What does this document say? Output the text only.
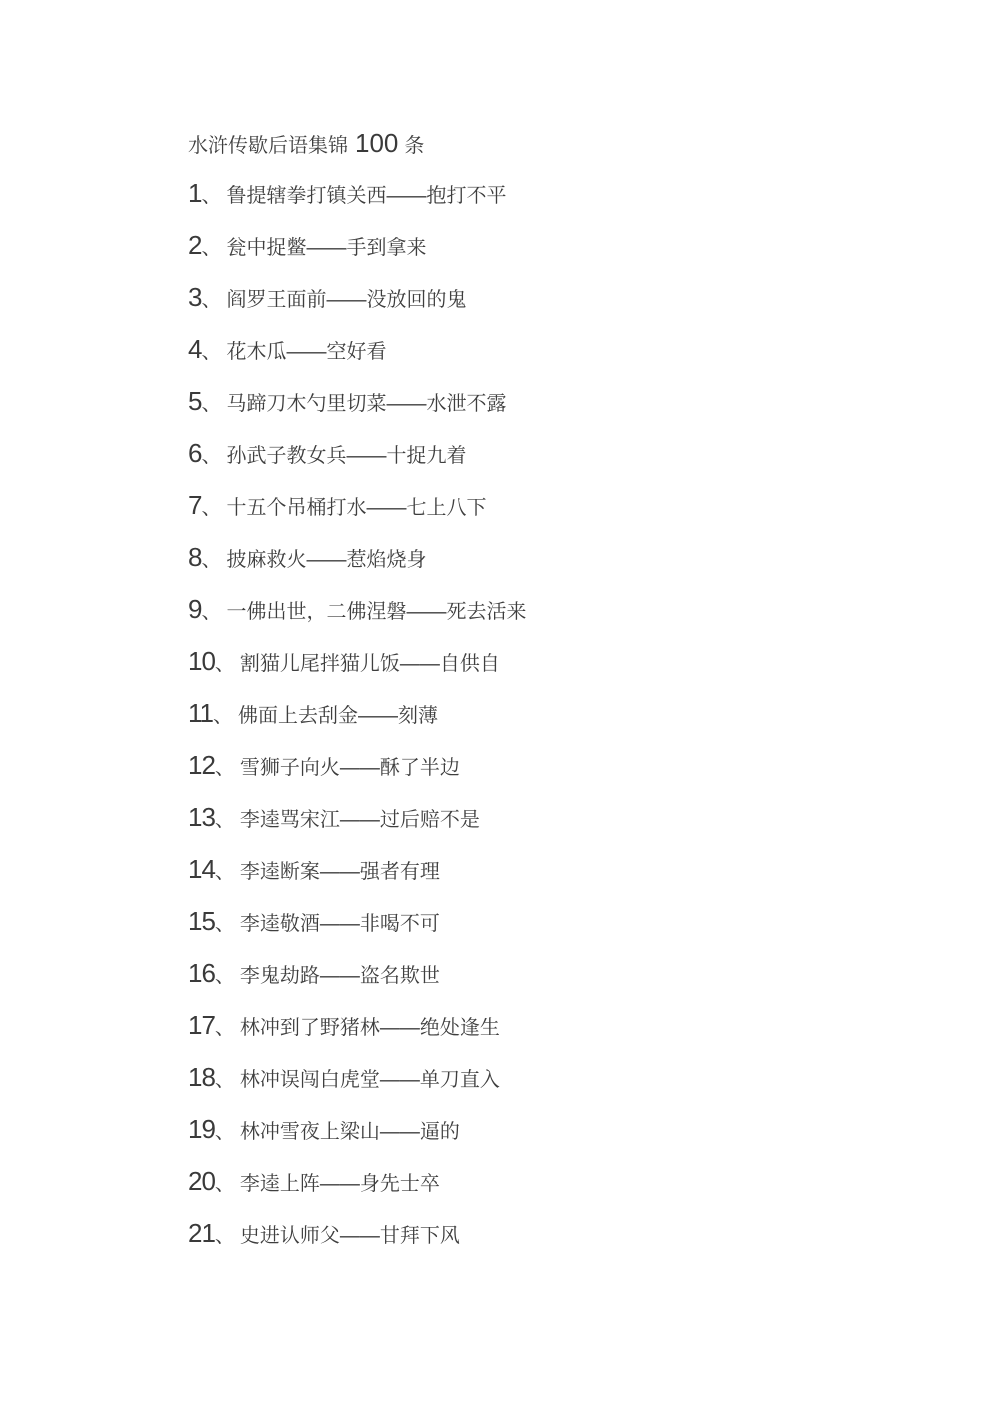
水浒传歇后语集锦 100 条
1、 鲁提辖拳打镇关西——抱打不平
2、 瓮中捉鳖——手到拿来
3、 阎罗王面前——没放回的鬼
4、 花木瓜——空好看
5、 马蹄刀木勺里切菜——水泄不露
6、 孙武子教女兵——十捉九着
7、 十五个吊桶打水——七上八下
8、 披麻救火——惹焰烧身
9、 一佛出世，二佛涅磐——死去活来
10、 割猫儿尾拌猫儿饭——自供自
11、 佛面上去刮金——刻薄
12、 雪狮子向火——酥了半边
13、 李逵骂宋江——过后赔不是
14、 李逵断案——强者有理
15、 李逵敬酒——非喝不可
16、 李鬼劫路——盗名欺世
17、 林冲到了野猪林——绝处逢生
18、 林冲误闯白虎堂——单刀直入
19、 林冲雪夜上梁山——逼的
20、 李逵上阵——身先士卒
21、 史进认师父——甘拜下风
